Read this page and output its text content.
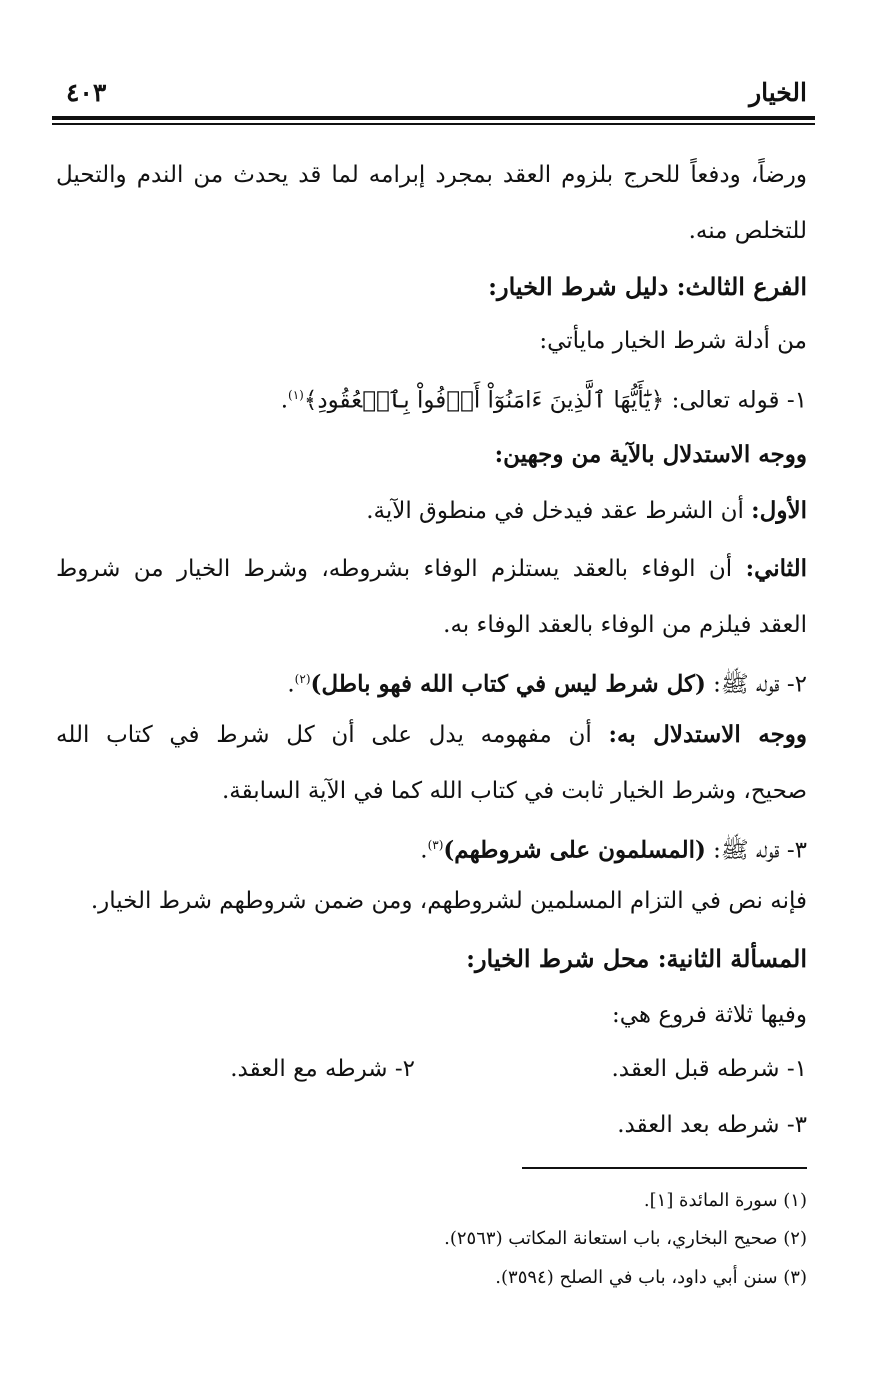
الخيار
٤٠٣
ورضاً، ودفعاً للحرج بلزوم العقد بمجرد إبرامه لما قد يحدث من الندم والتحيل
للتخلص منه.
الفرع الثالث: دليل شرط الخيار:
من أدلة شرط الخيار مايأتي:
١- قوله تعالى: ﴿يَٰٓأَيُّهَا ٱلَّذِينَ ءَامَنُوٓاْ أَوۡفُواْ بِٱلۡعُقُودِ﴾$^{(١)}$.
ووجه الاستدلال بالآية من وجهين:
الأول: أن الشرط عقد فيدخل في منطوق الآية.
الثاني: أن الوفاء بالعقد يستلزم الوفاء بشروطه، وشرط الخيار من شروط
العقد فيلزم من الوفاء بالعقد الوفاء به.
٢- قوله ﷺ: (كل شرط ليس في كتاب الله فهو باطل)$^{(٢)}$.
ووجه الاستدلال به: أن مفهومه يدل على أن كل شرط في كتاب الله
صحيح، وشرط الخيار ثابت في كتاب الله كما في الآية السابقة.
٣- قوله ﷺ: (المسلمون على شروطهم)$^{(٣)}$.
فإنه نص في التزام المسلمين لشروطهم، ومن ضمن شروطهم شرط الخيار.
المسألة الثانية: محل شرط الخيار:
وفيها ثلاثة فروع هي:
١- شرطه قبل العقد.
٢- شرطه مع العقد.
٣- شرطه بعد العقد.
(١) سورة المائدة [١].
(٢) صحيح البخاري، باب استعانة المكاتب (٢٥٦٣).
(٣) سنن أبي داود، باب في الصلح (٣٥٩٤).
